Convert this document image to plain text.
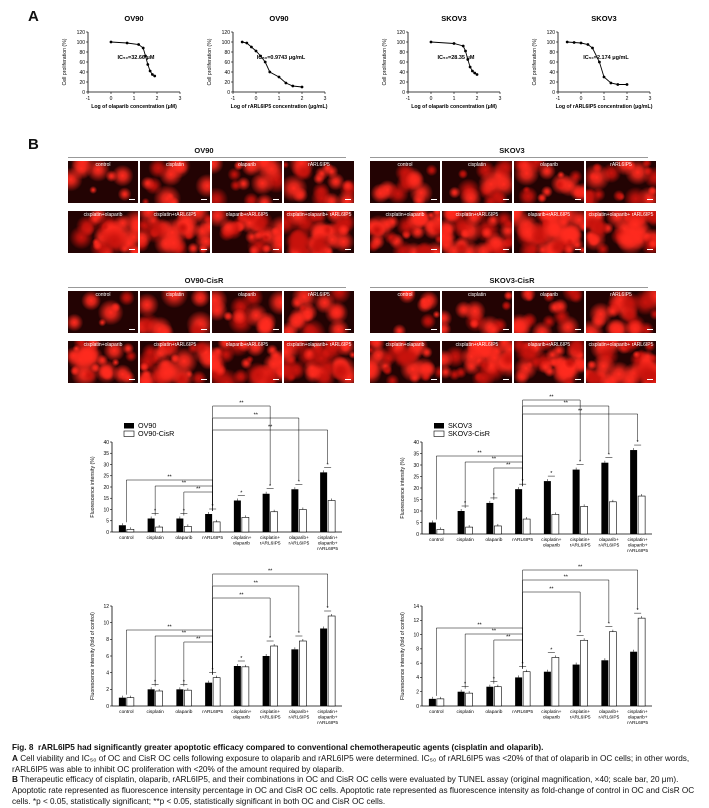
A
B
OV90
0
20
40
60
80
100
120
-1	0	1	2	3
Log of olaparib concentration (μM)
Cell proliferation (%)	IC₅₀=32.66 μM
OV90
0
20
40
60
80
100
120
-1	0	1	2	3
Log of rARL6IP5 concentration (μg/mL)
Cell proliferation (%)	IC₅₀=0.9743 μg/mL
SKOV3
0
20
40
60
80
100
120
-1	0	1	2	3
Log of olaparib concentration (μM)
Cell proliferation (%)	IC₅₀=28.35 μM
SKOV3
0
20
40
60
80
100
120
-1	0	1	2	3
Log of rARL6IP5 concentration (μg/mL)
Cell proliferation (%)	IC₅₀=2.174 μg/mL
OV90	SKOV3
control	cisplatin	olaparib	rARL6IP5
cisplatin+olaparib	cisplatin+rARL6IP5	olaparib+rARL6IP5	cisplatin+olaparib+ rARL6IP5
control	cisplatin	olaparib	rARL6IP5
cisplatin+olaparib	cisplatin+rARL6IP5	olaparib+rARL6IP5	cisplatin+olaparib+ rARL6IP5
OV90-CisR	SKOV3-CisR
control	cisplatin	olaparib	rARL6IP5
cisplatin+olaparib	cisplatin+rARL6IP5	olaparib+rARL6IP5	cisplatin+olaparib+ rARL6IP5
control	cisplatin	olaparib	rARL6IP5
cisplatin+olaparib	cisplatin+rARL6IP5	olaparib+rARL6IP5	cisplatin+olaparib+ rARL6IP5
0
5
10
15
20
25
30
35
40
Fluorescence intensity (%)
control
*
cisplatin
*
olaparib
*
rARL6IP5
*
cisplatin+
olaparib
*
cisplatin+
rARL6IP5
*
olaparib+
rARL6IP5
*
cisplatin+
olaparib+
rARL6IP5
**
**
**
**
**
**
OV90
OV90-CisR
0
5
10
15
20
25
30
35
40
Fluorescence intensity (%)
control
*
cisplatin
*
olaparib
*
rARL6IP5
*
cisplatin+
olaparib
*
cisplatin+
rARL6IP5
*
olaparib+
rARL6IP5
*
cisplatin+
olaparib+
rARL6IP5
**
**
**
**
**
**
SKOV3
SKOV3-CisR
0
2
4
6
8
10
12
Fluorescence intensity (fold of control)
control
*
cisplatin
*
olaparib
*
rARL6IP5
*
cisplatin+
olaparib
*
cisplatin+
rARL6IP5
*
olaparib+
rARL6IP5
*
cisplatin+
olaparib+
rARL6IP5
**
**
**
**
**
**
0
2
4
6
8
10
12
14
Fluorescence intensity (fold of control)
control
*
cisplatin
*
olaparib
*
rARL6IP5
*
cisplatin+
olaparib
*
cisplatin+
rARL6IP5
*
olaparib+
rARL6IP5
*
cisplatin+
olaparib+
rARL6IP5
**
**
**
**
**
**
Fig. 8 rARL6IP5 had significantly greater apoptotic efficacy compared to conventional chemotherapeutic agents (cisplatin and olaparib).
A Cell viability and IC₅₀ of OC and CisR OC cells following exposure to olaparib and rARL6IP5 were determined. IC₅₀ of rARL6IP5 was <20% of that of olaparib in OC cells; in other words, rARL6IP5 was able to inhibit OC proliferation with <20% of the amount required by olaparib.
B Therapeutic efficacy of cisplatin, olaparib, rARL6IP5, and their combinations in OC and CisR OC cells were evaluated by TUNEL assay (original magnification, ×40; scale bar, 20 μm). Apoptotic rate represented as fluorescence intensity percentage in OC and CisR OC cells. Apoptotic rate represented as fluorescence intensity as fold-change of control in OC and CisR OC cells. *p < 0.05, statistically significant; **p < 0.05, statistically significant in both OC and CisR OC cells.
